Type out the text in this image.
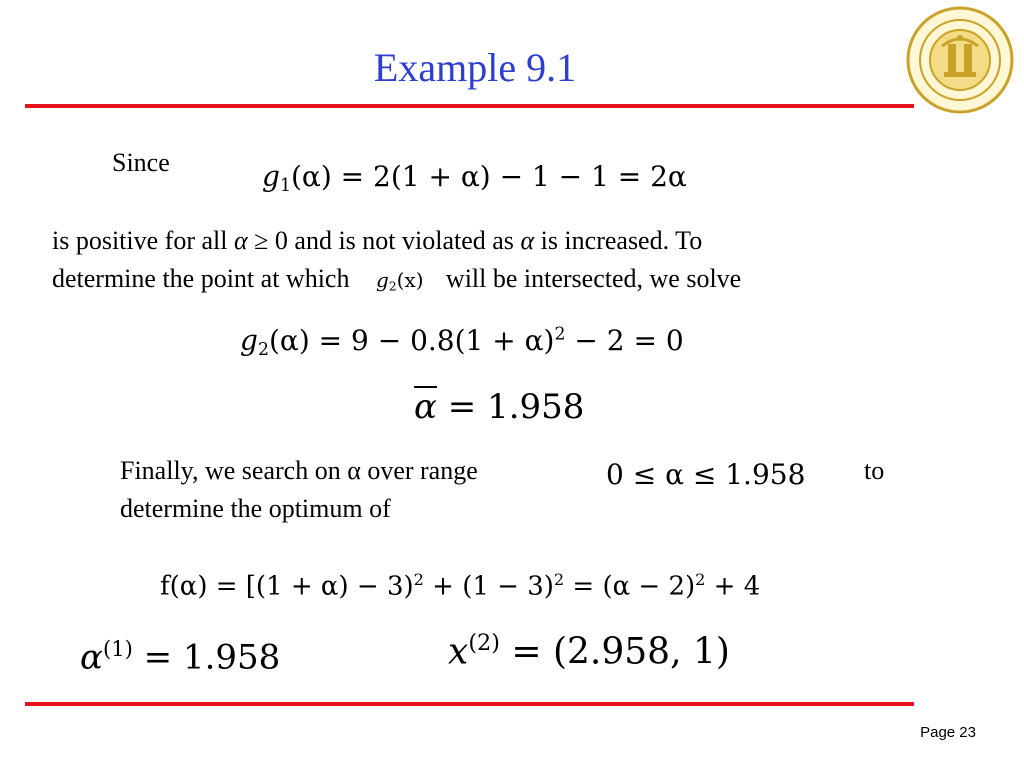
Example 9.1
Since	$g_1(\alpha) = 2(1 + \alpha) - 1 - 1 = 2\alpha$
is positive for all α ≥ 0 and is not violated as α is increased. To
determine the point at which $g_2(x)$ will be intersected, we solve
$g_2(\alpha) = 9 - 0.8(1 + \alpha)^2 - 2 = 0$
α = 1.958
Finally, we search on α over range	0 ≤ α ≤ 1.958 to
determine the optimum of
$f(\alpha) = [(1 + \alpha) - 3)^2 + (1 - 3)^2 = (\alpha - 2)^2 + 4$
$\alpha^{(1)} = 1.958$	$x^{(2)} = (2.958$, 1)
Page 23
